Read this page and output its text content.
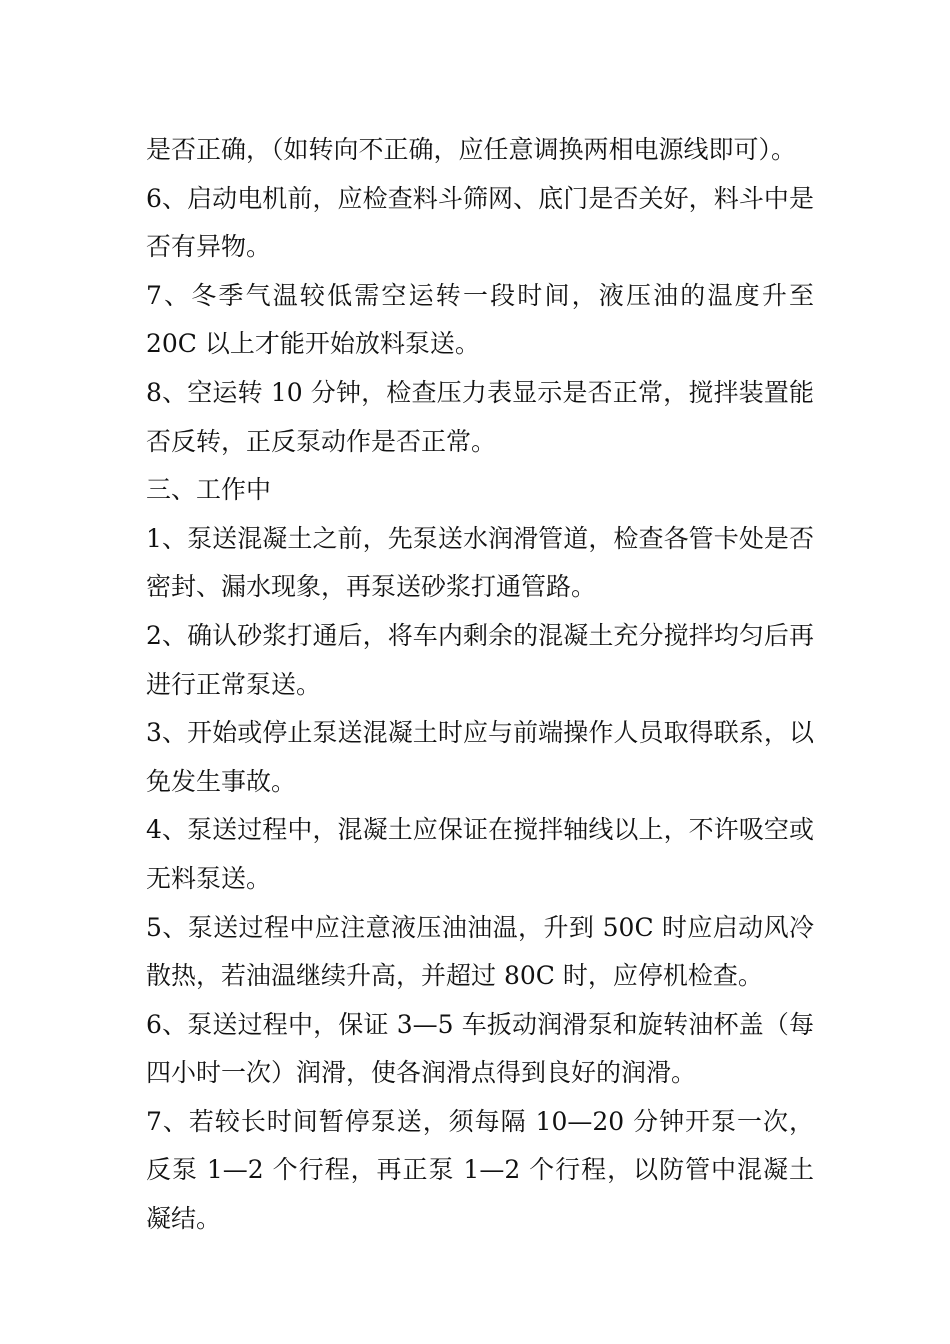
是否正确，（如转向不正确，应任意调换两相电源线即可）。

6、启动电机前，应检查料斗筛网、底门是否关好，料斗中是否有异物。

7、冬季气温较低需空运转一段时间，液压油的温度升至 20C 以上才能开始放料泵送。

8、空运转 10 分钟，检查压力表显示是否正常，搅拌装置能否反转，正反泵动作是否正常。

三、工作中

1、泵送混凝土之前，先泵送水润滑管道，检查各管卡处是否密封、漏水现象，再泵送砂浆打通管路。

2、确认砂浆打通后，将车内剩余的混凝土充分搅拌均匀后再进行正常泵送。

3、开始或停止泵送混凝土时应与前端操作人员取得联系，以免发生事故。

4、泵送过程中，混凝土应保证在搅拌轴线以上，不许吸空或无料泵送。

5、泵送过程中应注意液压油油温，升到 50C 时应启动风冷散热，若油温继续升高，并超过 80C 时，应停机检查。

6、泵送过程中，保证 3—5 车扳动润滑泵和旋转油杯盖（每四小时一次）润滑，使各润滑点得到良好的润滑。

7、若较长时间暂停泵送，须每隔 10—20 分钟开泵一次，反泵 1—2 个行程，再正泵 1—2 个行程，以防管中混凝土凝结。
